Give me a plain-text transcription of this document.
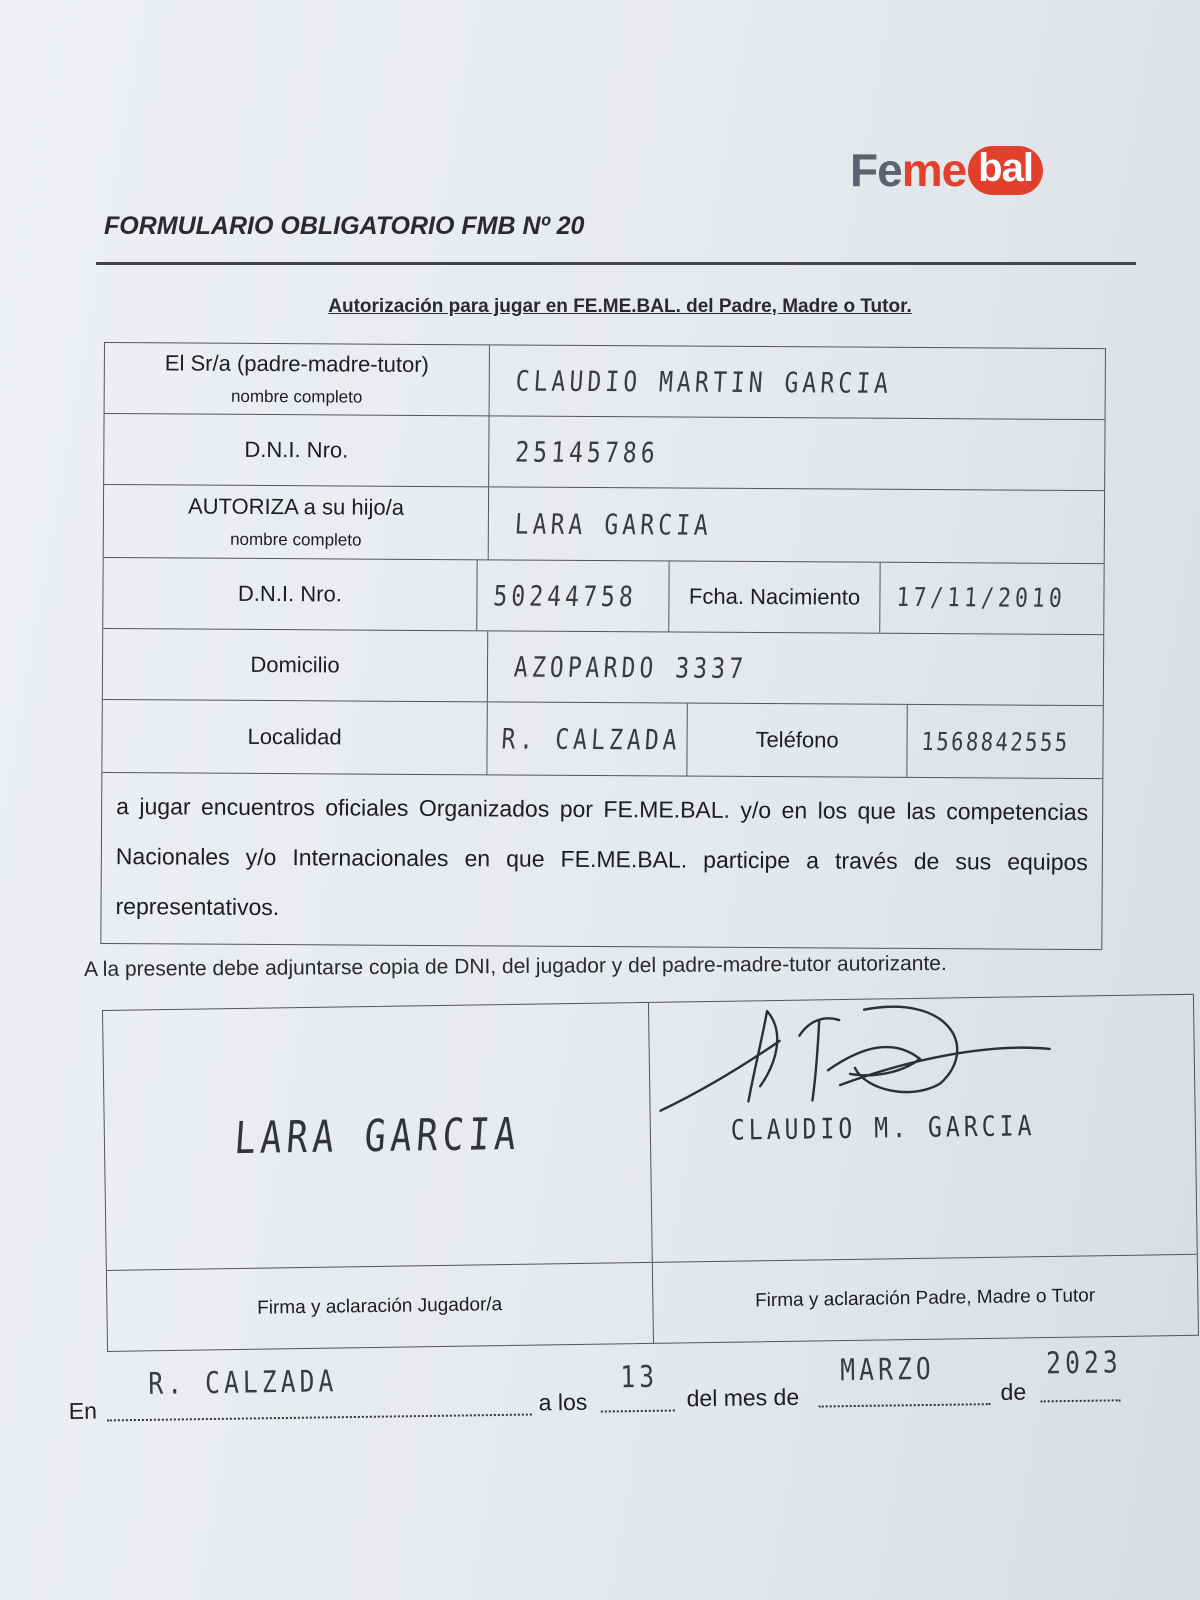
Fe me bal
FORMULARIO OBLIGATORIO FMB Nº 20
Autorización para jugar en FE.ME.BAL. del Padre, Madre o Tutor.
El Sr/a (padre-madre-tutor)
nombre completo	CLAUDIO MARTIN GARCIA
D.N.I. Nro.	25145786
AUTORIZA a su hijo/a
nombre completo	LARA GARCIA
D.N.I. Nro.	50244758 Fcha. Nacimiento 17/11/2010
Domicilio	AZOPARDO 3337
Localidad	R. CALZADA	Teléfono	1568842555
a jugar encuentros oficiales Organizados por FE.ME.BAL. y/o en los que las competencias Nacionales y/o Internacionales en que FE.ME.BAL. participe a través de sus equipos representativos.
A la presente debe adjuntarse copia de DNI, del jugador y del padre-madre-tutor autorizante.
LARA GARCIA	CLAUDIO M. GARCIA
Firma y aclaración Jugador/a	Firma y aclaración Padre, Madre o Tutor
En
R. CALZADA
a los
13
del mes de
MARZO
de
2023
